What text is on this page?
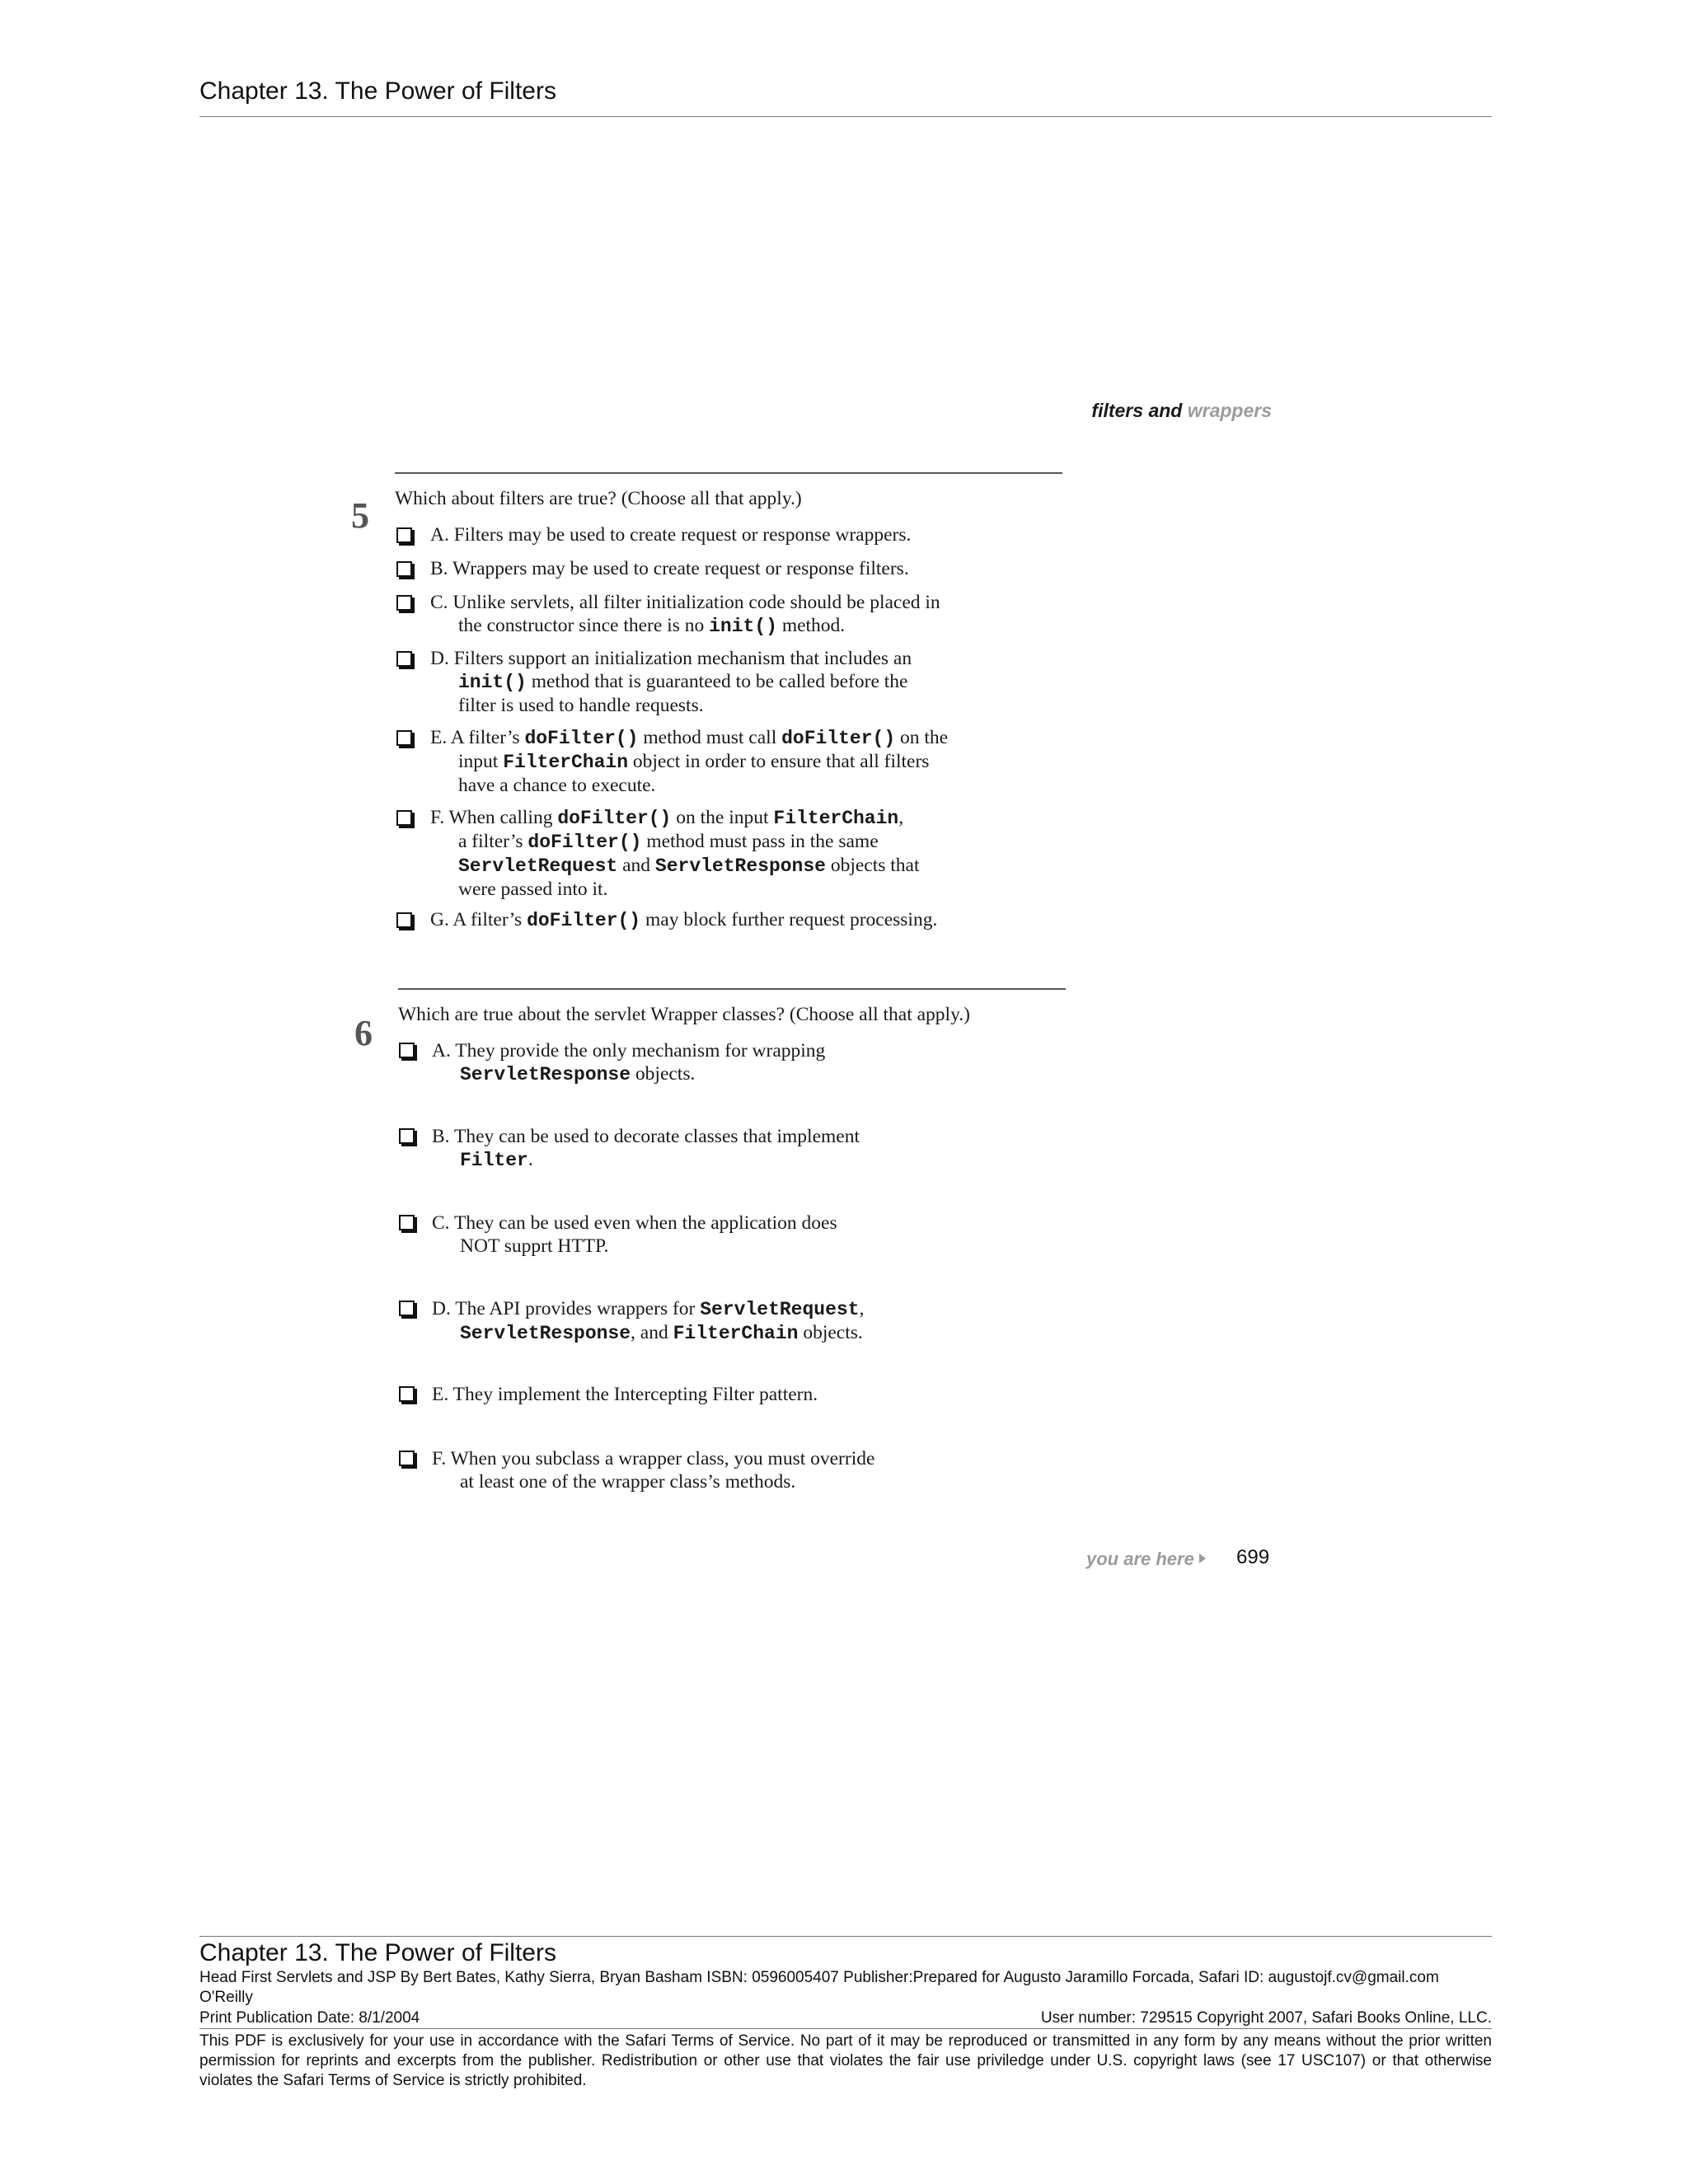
Chapter 13. The Power of Filters
filters and wrappers
5 Which about filters are true? (Choose all that apply.)
A. Filters may be used to create request or response wrappers.
B. Wrappers may be used to create request or response filters.
C. Unlike servlets, all filter initialization code should be placed in
the constructor since there is no init() method.
D. Filters support an initialization mechanism that includes an
init() method that is guaranteed to be called before the
filter is used to handle requests.
E. A filter’s doFilter() method must call doFilter() on the
input FilterChain object in order to ensure that all filters
have a chance to execute.
F. When calling doFilter() on the input FilterChain,
a filter’s doFilter() method must pass in the same
ServletRequest and ServletResponse objects that
were passed into it.
G. A filter’s doFilter() may block further request processing.
6 Which are true about the servlet Wrapper classes? (Choose all that apply.)
A. They provide the only mechanism for wrapping
ServletResponse objects.
B. They can be used to decorate classes that implement
Filter.
C. They can be used even when the application does
NOT supprt HTTP.
D. The API provides wrappers for ServletRequest,
ServletResponse, and FilterChain objects.
E. They implement the Intercepting Filter pattern.
F. When you subclass a wrapper class, you must override
at least one of the wrapper class’s methods.
you are here 699
Chapter 13. The Power of Filters
Head First Servlets and JSP By Bert Bates, Kathy Sierra, Bryan Basham ISBN: 0596005407 Publisher:Prepared for Augusto Jaramillo Forcada, Safari ID: augustojf.cv@gmail.com
O'Reilly
Print Publication Date: 8/1/2004	User number: 729515 Copyright 2007, Safari Books Online, LLC.
This PDF is exclusively for your use in accordance with the Safari Terms of Service. No part of it may be reproduced or transmitted in any form by any means without the prior written permission for reprints and excerpts from the publisher. Redistribution or other use that violates the fair use priviledge under U.S. copyright laws (see 17 USC107) or that otherwise violates the Safari Terms of Service is strictly prohibited.
